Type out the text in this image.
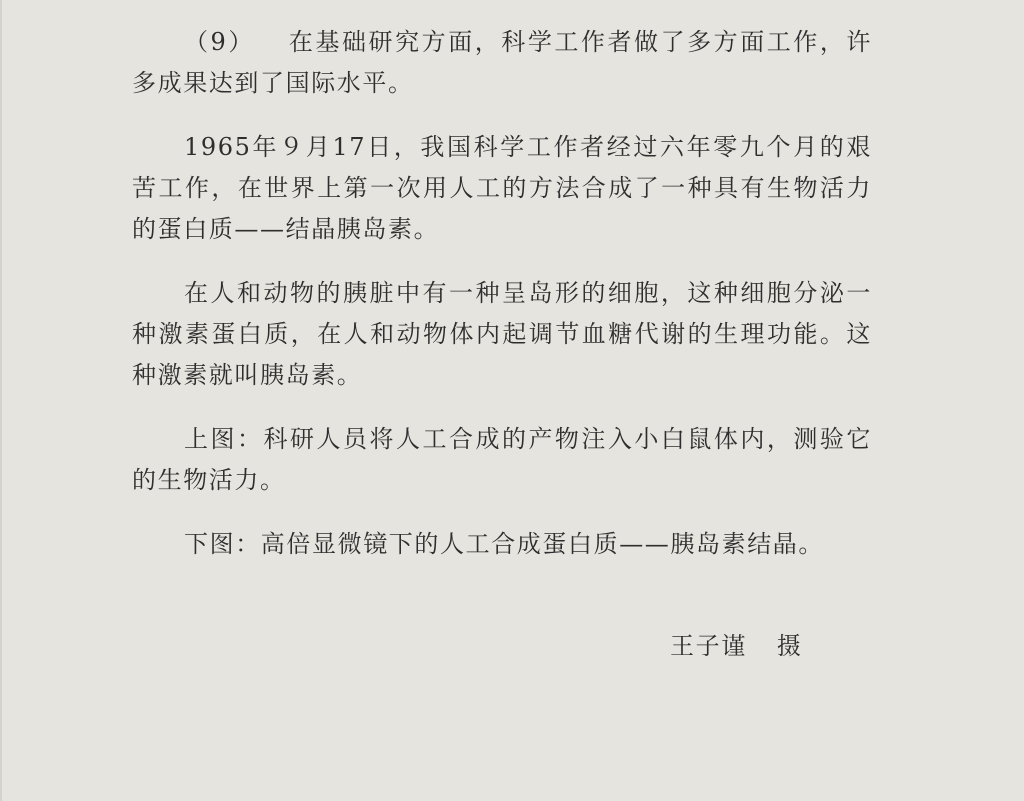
（9） 在基础研究方面，科学工作者做了多方面工作，许多成果达到了国际水平。

1965年９月17日，我国科学工作者经过六年零九个月的艰苦工作，在世界上第一次用人工的方法合成了一种具有生物活力的蛋白质——结晶胰岛素。

在人和动物的胰脏中有一种呈岛形的细胞，这种细胞分泌一种激素蛋白质，在人和动物体内起调节血糖代谢的生理功能。这种激素就叫胰岛素。

上图：科研人员将人工合成的产物注入小白鼠体内，测验它的生物活力。

下图：高倍显微镜下的人工合成蛋白质——胰岛素结晶。

王子谨 摄
